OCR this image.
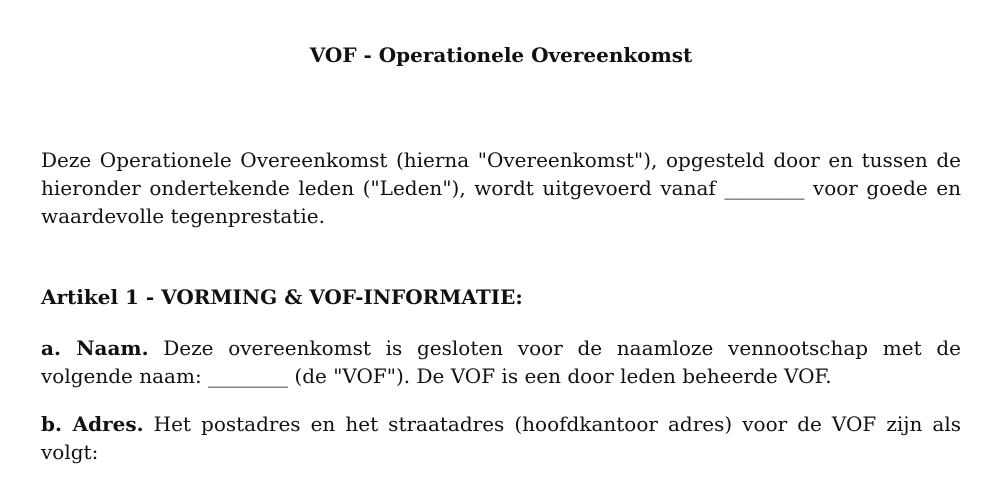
VOF - Operationele Overeenkomst

Deze Operationele Overeenkomst (hierna "Overeenkomst"), opgesteld door en tussen de hieronder ondertekende leden ("Leden"), wordt uitgevoerd vanaf ________ voor goede en waardevolle tegenprestatie.

Artikel 1 - VORMING & VOF-INFORMATIE:

a. Naam. Deze overeenkomst is gesloten voor de naamloze vennootschap met de volgende naam: ________ (de "VOF"). De VOF is een door leden beheerde VOF.

b. Adres. Het postadres en het straatadres (hoofdkantoor adres) voor de VOF zijn als volgt:
